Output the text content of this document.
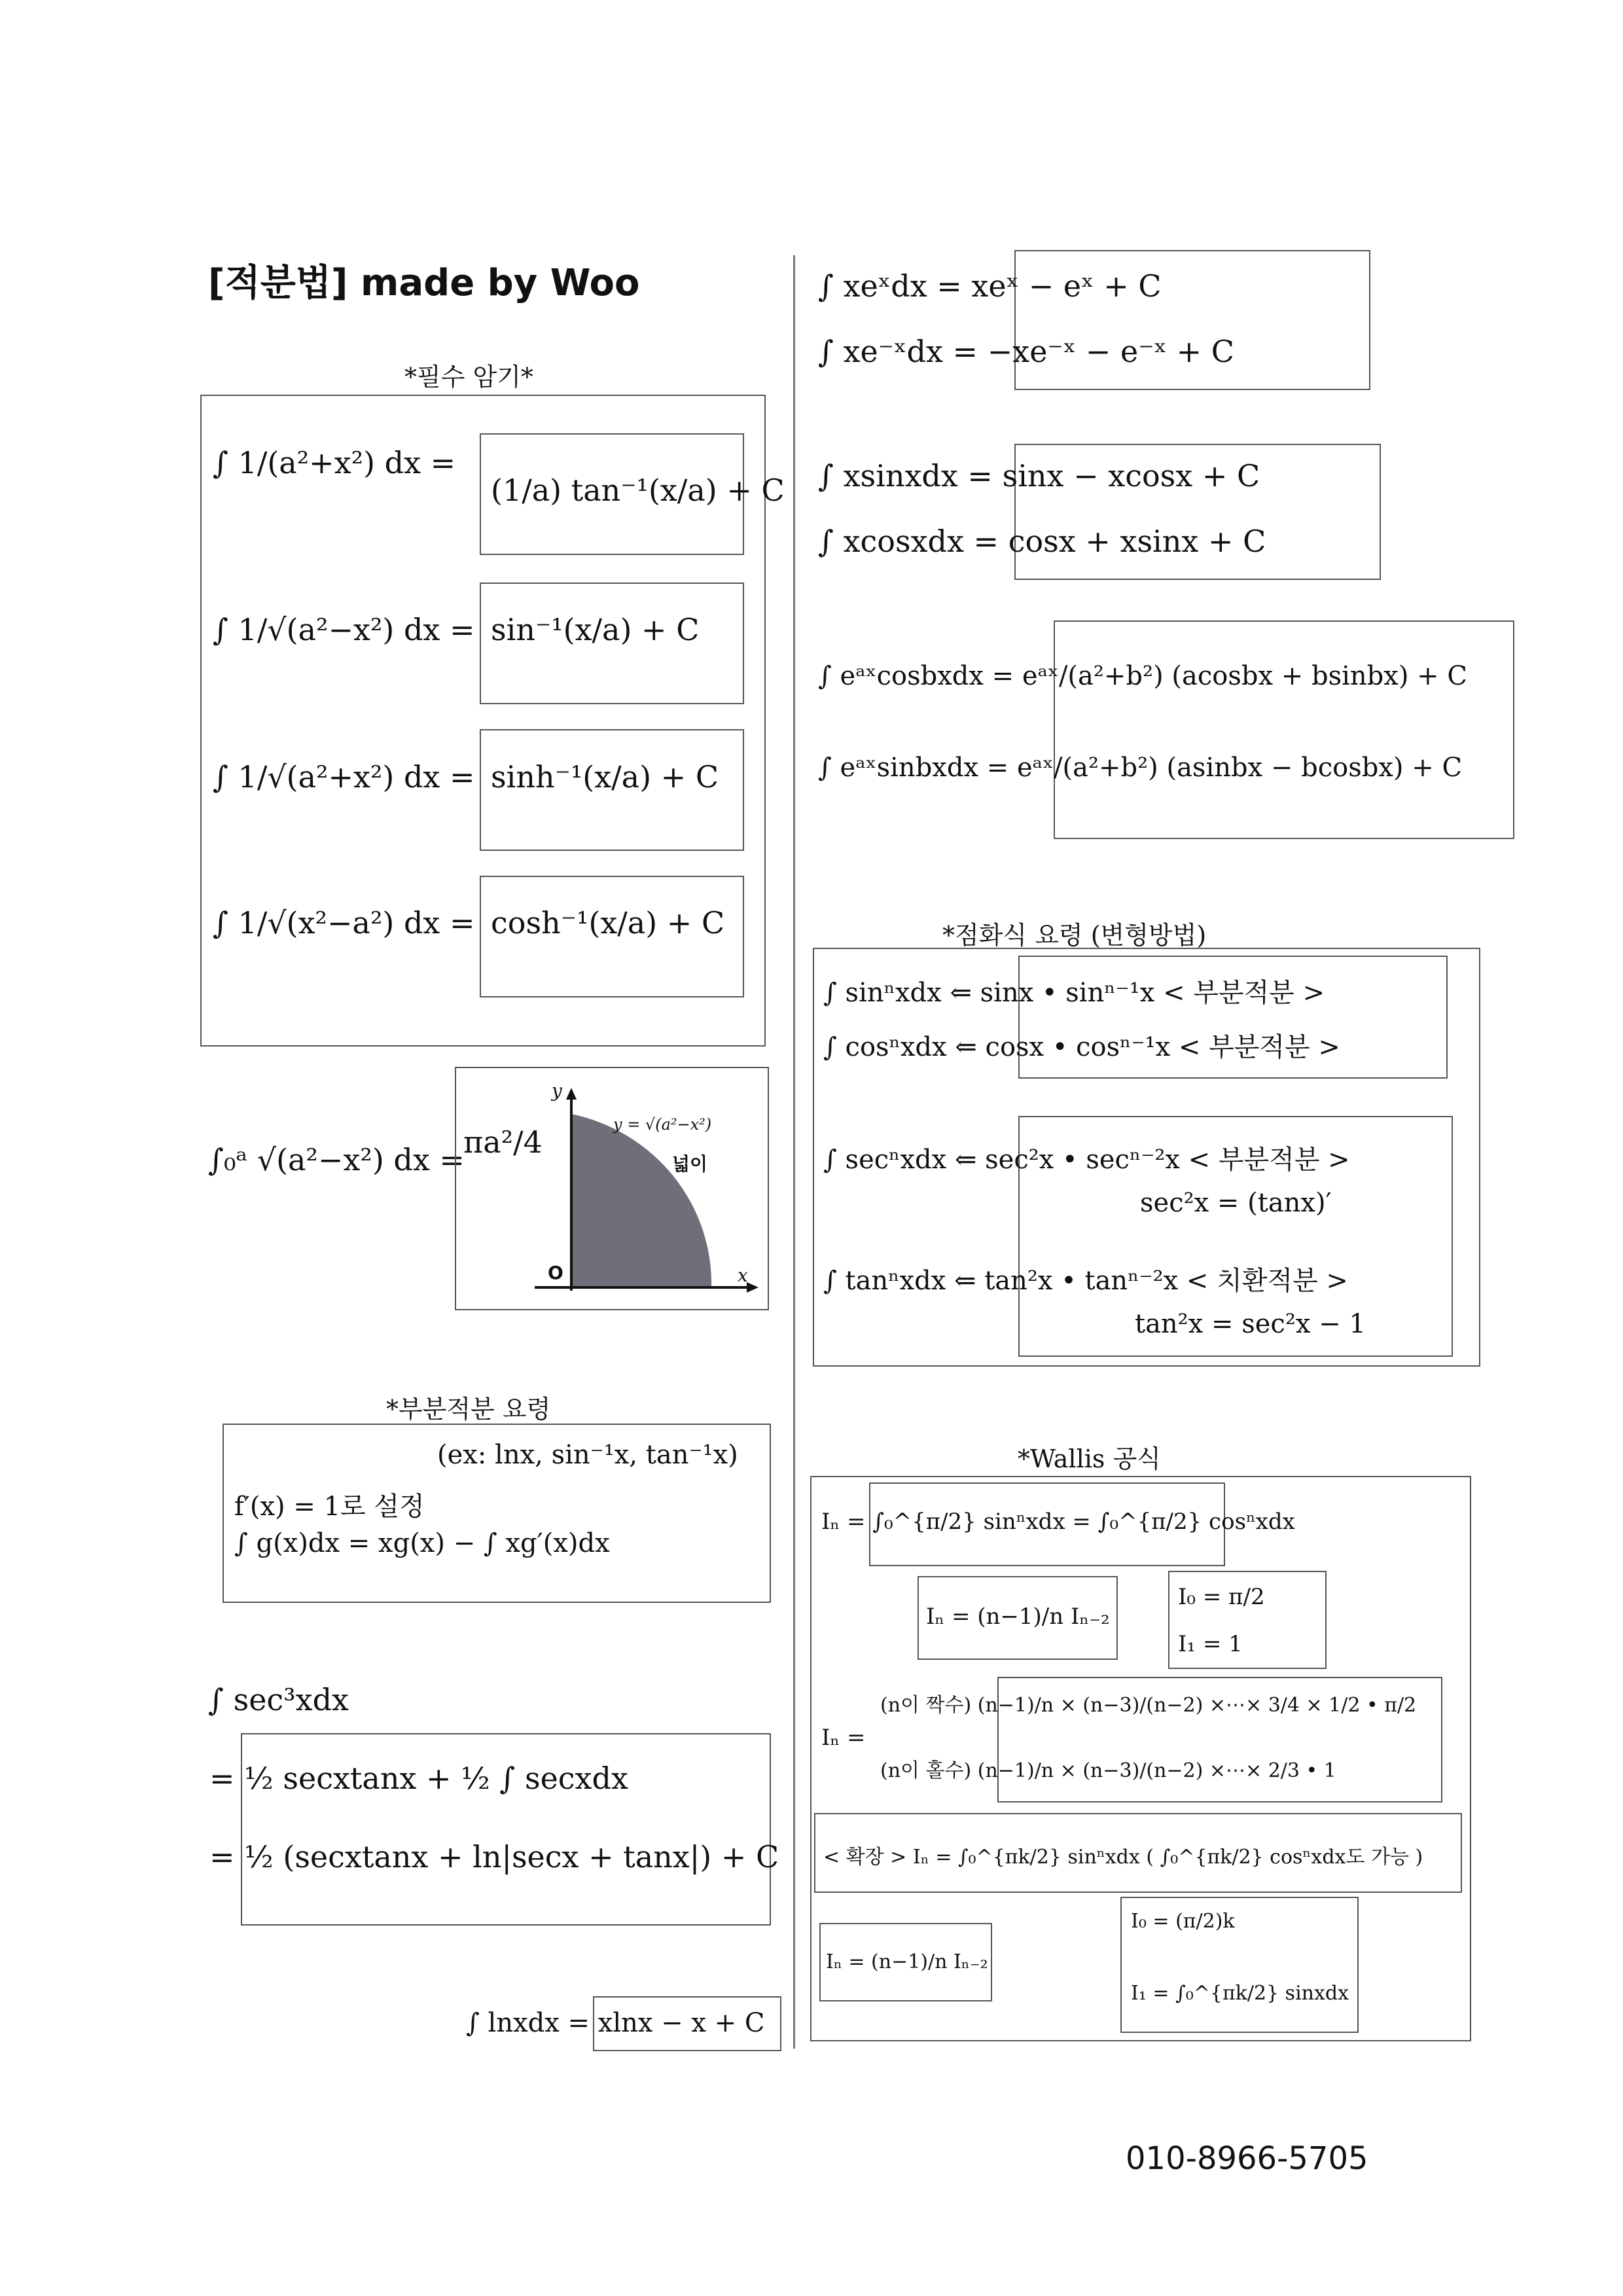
[적분법] made by Woo
*필수 암기*
∫ 1/(a²+x²) dx =
(1/a) tan⁻¹(x/a) + C
∫ 1/√(a²−x²) dx = sin⁻¹(x/a) + C
∫ 1/√(a²+x²) dx = sinh⁻¹(x/a) + C
∫ 1/√(x²−a²) dx = cosh⁻¹(x/a) + C
∫₀ᵃ √(a²−x²) dx =
πa²/4
y
x
O
y = √(a²−x²)
넓이
*부분적분 요령
(ex: lnx, sin⁻¹x, tan⁻¹x)
f′(x) = 1로 설정
∫ g(x)dx = xg(x) − ∫ xg′(x)dx
∫ sec³xdx
= ½ secxtanx + ½ ∫ secxdx
= ½ (secxtanx + ln|secx + tanx|) + C
∫ lnxdx = xlnx − x + C
∫ xeˣdx = xeˣ − eˣ + C
∫ xe⁻ˣdx = −xe⁻ˣ − e⁻ˣ + C
∫ xsinxdx = sinx − xcosx + C
∫ xcosxdx = cosx + xsinx + C
∫ eᵃˣcosbxdx = eᵃˣ/(a²+b²) (acosbx + bsinbx) + C
∫ eᵃˣsinbxdx = eᵃˣ/(a²+b²) (asinbx − bcosbx) + C
*점화식 요령 (변형방법)
∫ sinⁿxdx ⇐ sinx • sinⁿ⁻¹x < 부분적분 >
∫ cosⁿxdx ⇐ cosx • cosⁿ⁻¹x < 부분적분 >
∫ secⁿxdx ⇐ sec²x • secⁿ⁻²x < 부분적분 >
sec²x = (tanx)′
∫ tanⁿxdx ⇐ tan²x • tanⁿ⁻²x < 치환적분 >
tan²x = sec²x − 1
*Wallis 공식
Iₙ = ∫₀^{π/2} sinⁿxdx = ∫₀^{π/2} cosⁿxdx
Iₙ = (n−1)/n Iₙ₋₂
I₀ = π/2
I₁ = 1
Iₙ =
(n이 짝수) (n−1)/n × (n−3)/(n−2) ×⋯× 3/4 × 1/2 • π/2
(n이 홀수) (n−1)/n × (n−3)/(n−2) ×⋯× 2/3 • 1
< 확장 > Iₙ = ∫₀^{πk/2} sinⁿxdx ( ∫₀^{πk/2} cosⁿxdx도 가능 )
Iₙ = (n−1)/n Iₙ₋₂
I₀ = (π/2)k
I₁ = ∫₀^{πk/2} sinxdx
010-8966-5705
